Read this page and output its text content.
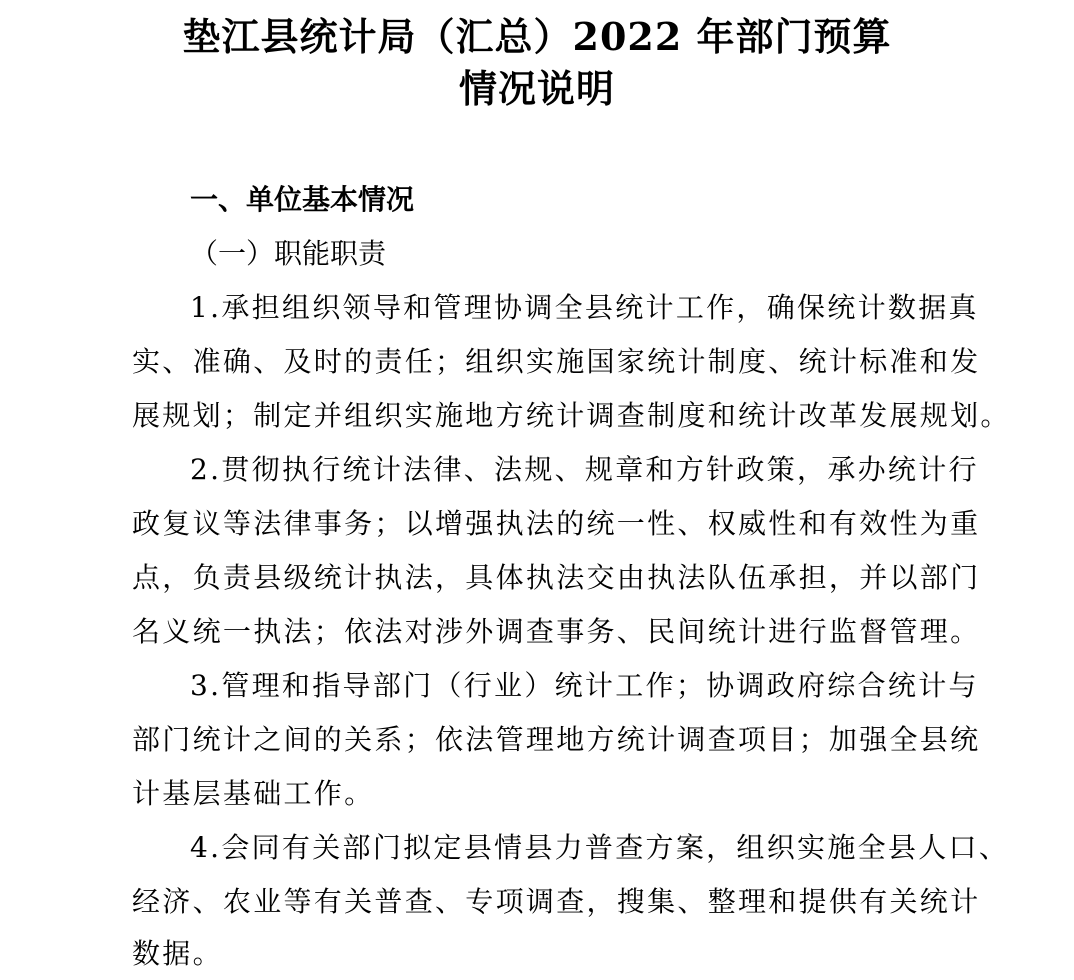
垫江县统计局（汇总）2022 年部门预算
情况说明
一、单位基本情况
（一）职能职责
1.承担组织领导和管理协调全县统计工作，确保统计数据真
实、准确、及时的责任；组织实施国家统计制度、统计标准和发
展规划；制定并组织实施地方统计调查制度和统计改革发展规划。
2.贯彻执行统计法律、法规、规章和方针政策，承办统计行
政复议等法律事务；以增强执法的统一性、权威性和有效性为重
点，负责县级统计执法，具体执法交由执法队伍承担，并以部门
名义统一执法；依法对涉外调查事务、民间统计进行监督管理。
3.管理和指导部门（行业）统计工作；协调政府综合统计与
部门统计之间的关系；依法管理地方统计调查项目；加强全县统
计基层基础工作。
4.会同有关部门拟定县情县力普查方案，组织实施全县人口、
经济、农业等有关普查、专项调查，搜集、整理和提供有关统计
数据。
